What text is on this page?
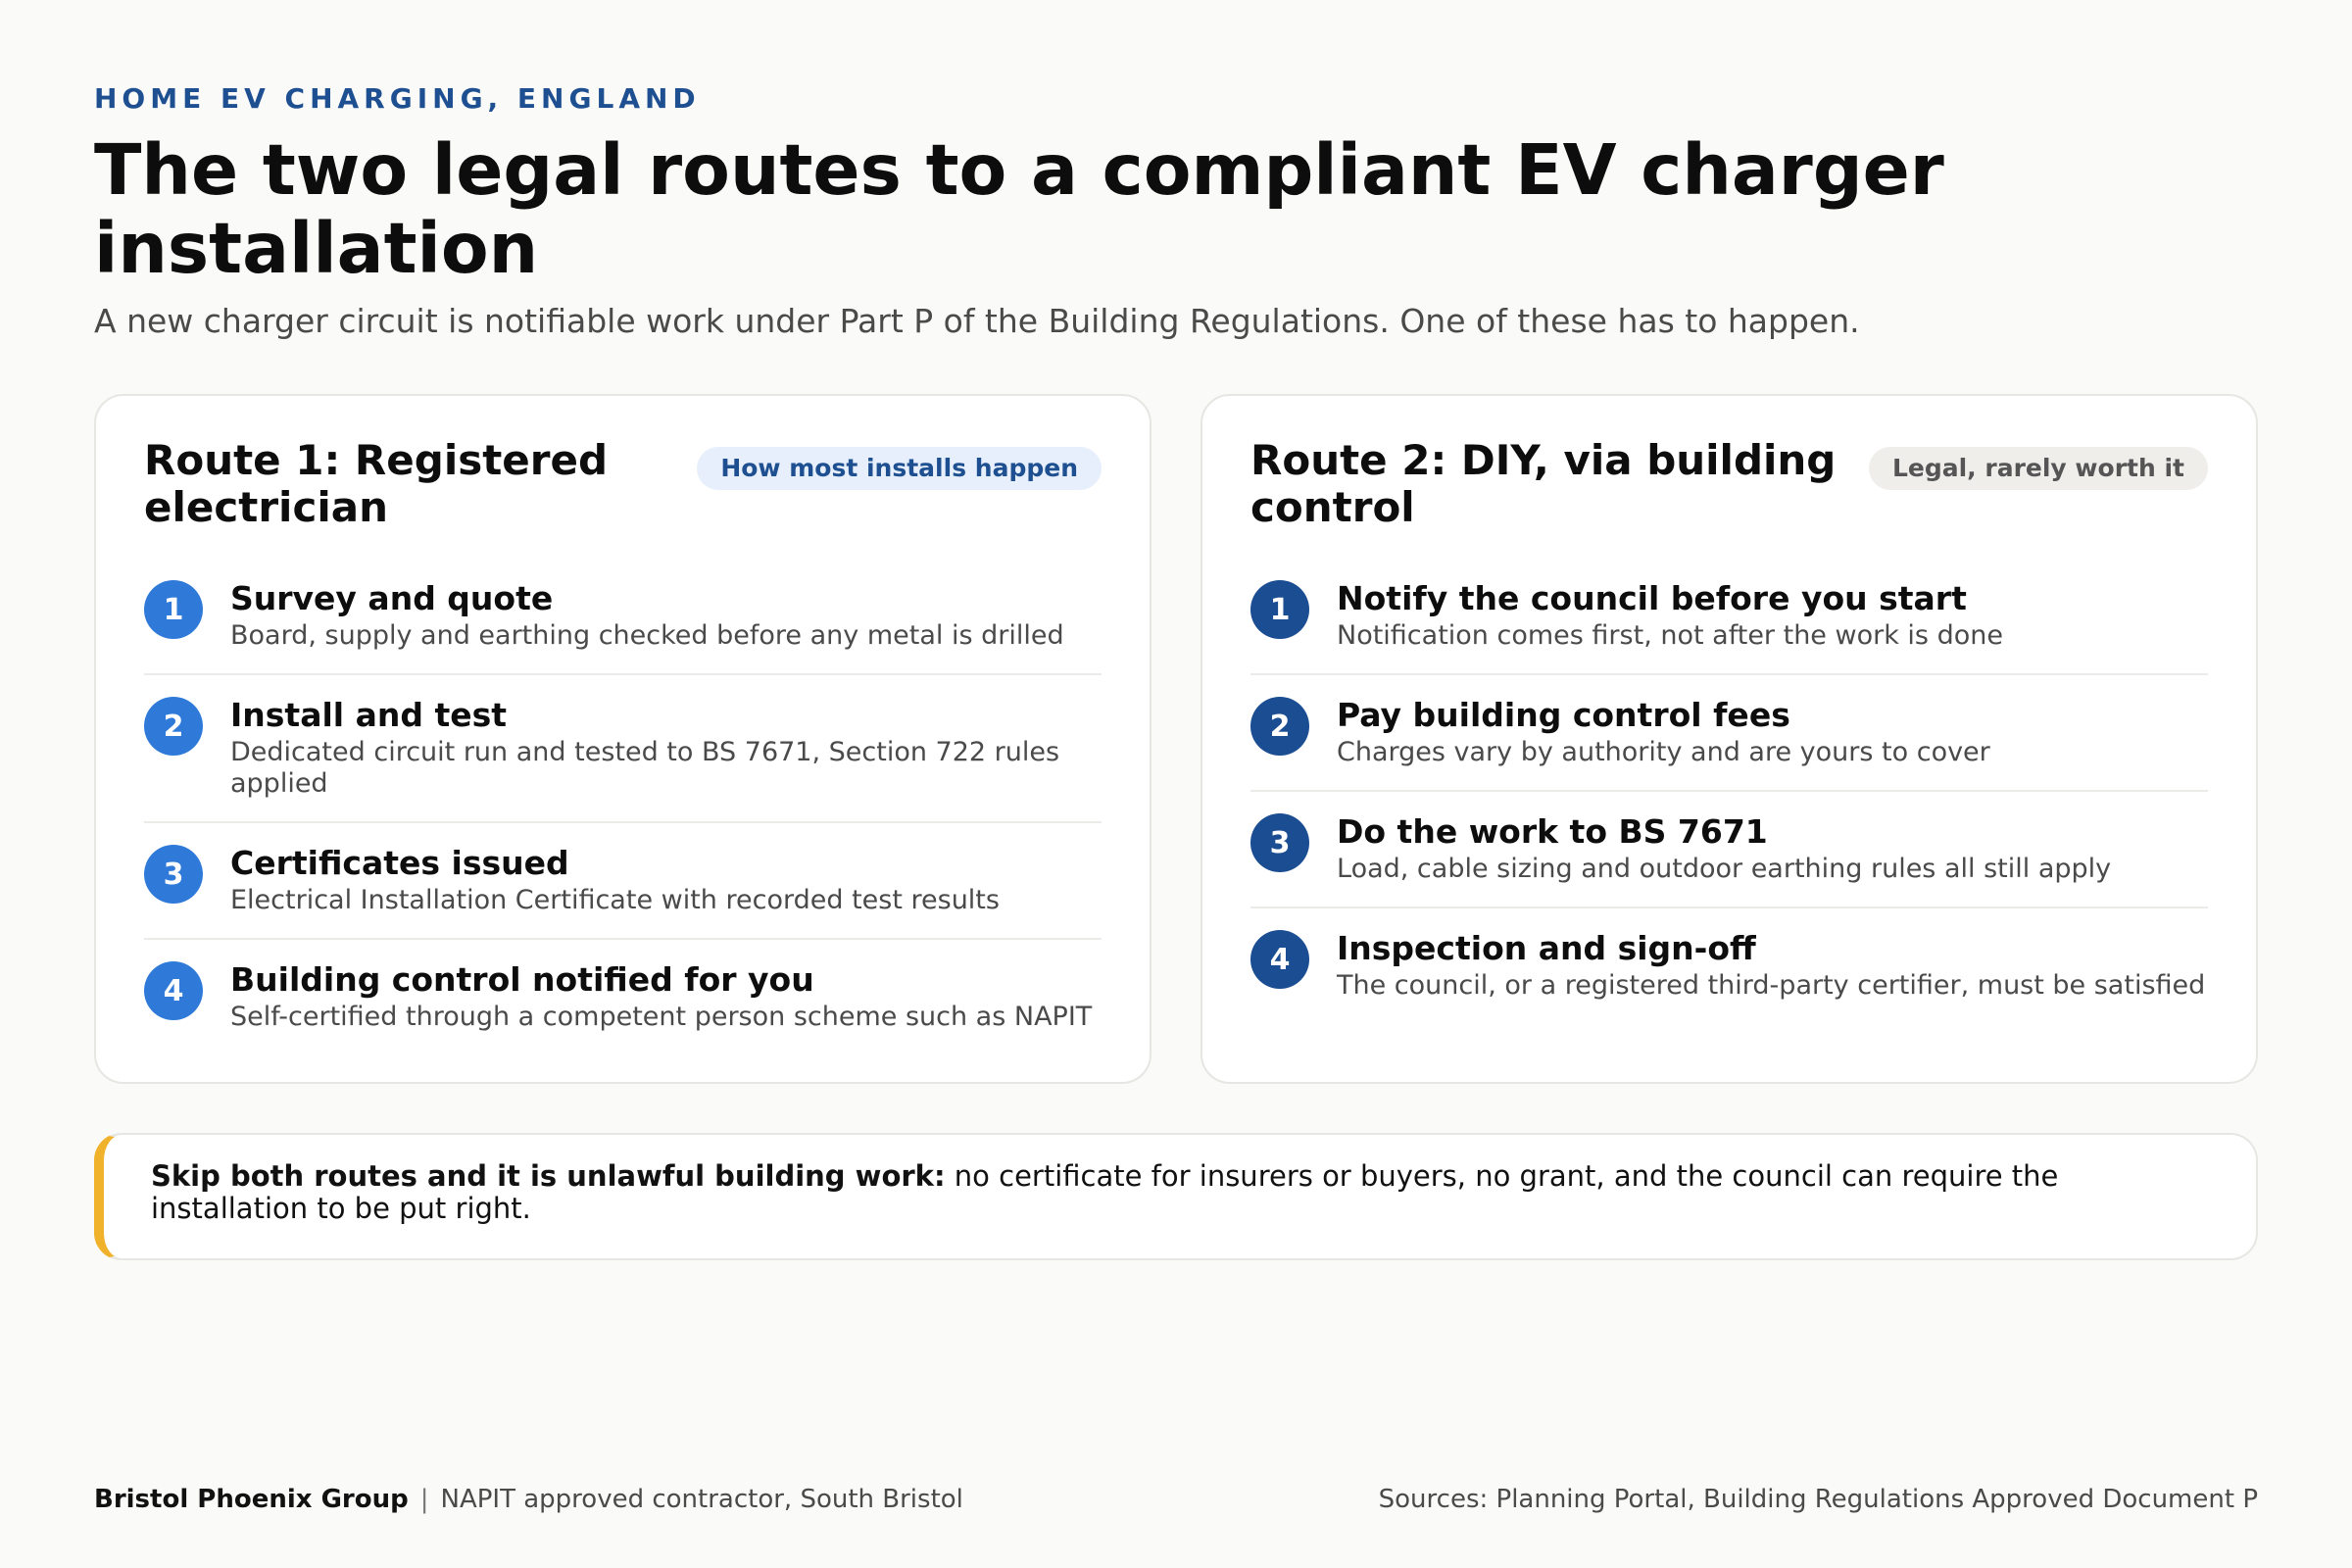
HOME EV CHARGING, ENGLAND
The two legal routes to a compliant EV charger installation

A new charger circuit is notifiable work under Part P of the Building Regulations. One of these has to happen.

Route 1: Registered electrician
How most installs happen
1	Survey and quote
Board, supply and earthing checked before any metal is drilled
2	Install and test
Dedicated circuit run and tested to BS 7671, Section 722 rules applied
3	Certificates issued
Electrical Installation Certificate with recorded test results
4	Building control notified for you
Self-certified through a competent person scheme such as NAPIT
Route 2: DIY, via building control
Legal, rarely worth it
1	Notify the council before you start
Notification comes first, not after the work is done
2	Pay building control fees
Charges vary by authority and are yours to cover
3	Do the work to BS 7671
Load, cable sizing and outdoor earthing rules all still apply
4	Inspection and sign-off
The council, or a registered third-party certifier, must be satisfied
Skip both routes and it is unlawful building work: no certificate for insurers or buyers, no grant, and the council can require the installation to be put right.
Bristol Phoenix Group | NAPIT approved contractor, South Bristol	Sources: Planning Portal, Building Regulations Approved Document P
